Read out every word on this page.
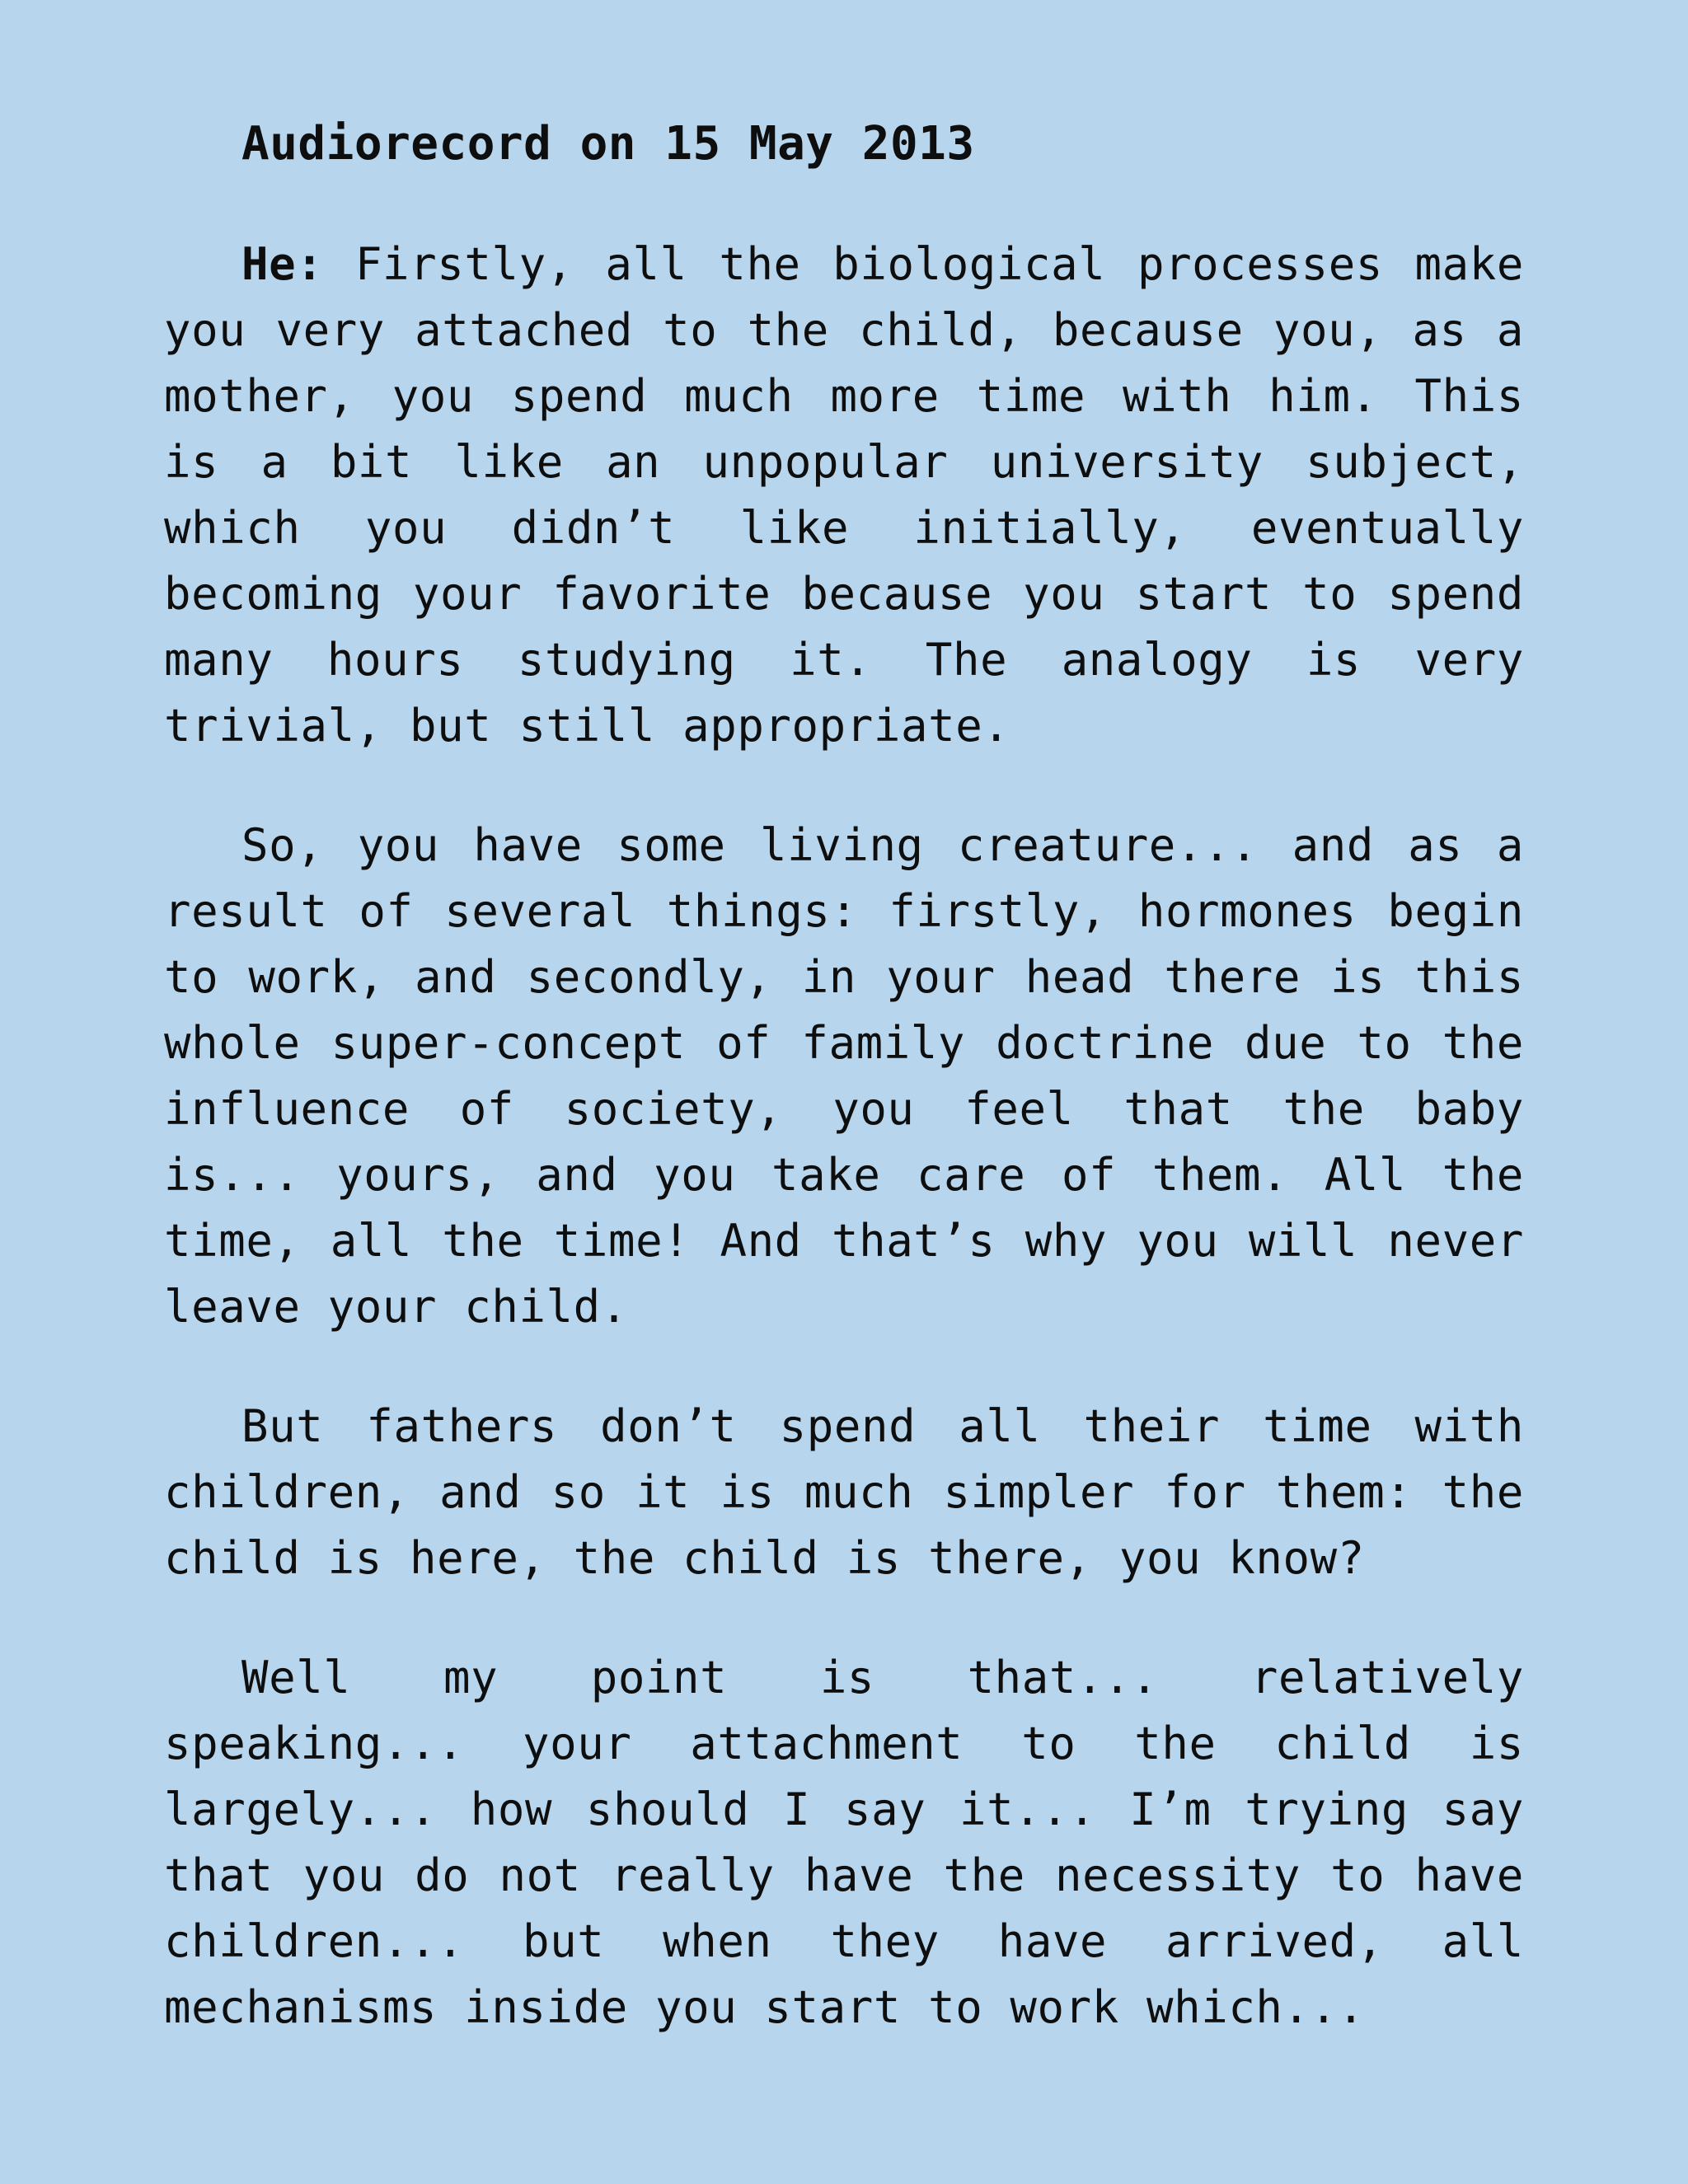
Audiorecord on 15 May 2013

He: Firstly, all the biological processes make you very attached to the child, because you, as a mother, you spend much more time with him. This is a bit like an unpopular university subject, which you didn’t like initially, eventually becoming your favorite because you start to spend many hours studying it. The analogy is very trivial, but still appropriate.

So, you have some living creature... and as a result of several things: firstly, hormones begin to work, and secondly, in your head there is this whole super-concept of family doctrine due to the influence of society, you feel that the baby is... yours, and you take care of them. All the time, all the time! And that’s why you will never leave your child.

But fathers don’t spend all their time with children, and so it is much simpler for them: the child is here, the child is there, you know?

Well my point is that... relatively speaking... your attachment to the child is largely... how should I say it... I’m trying say that you do not really have the necessity to have children... but when they have arrived, all mechanisms inside you start to work which...
